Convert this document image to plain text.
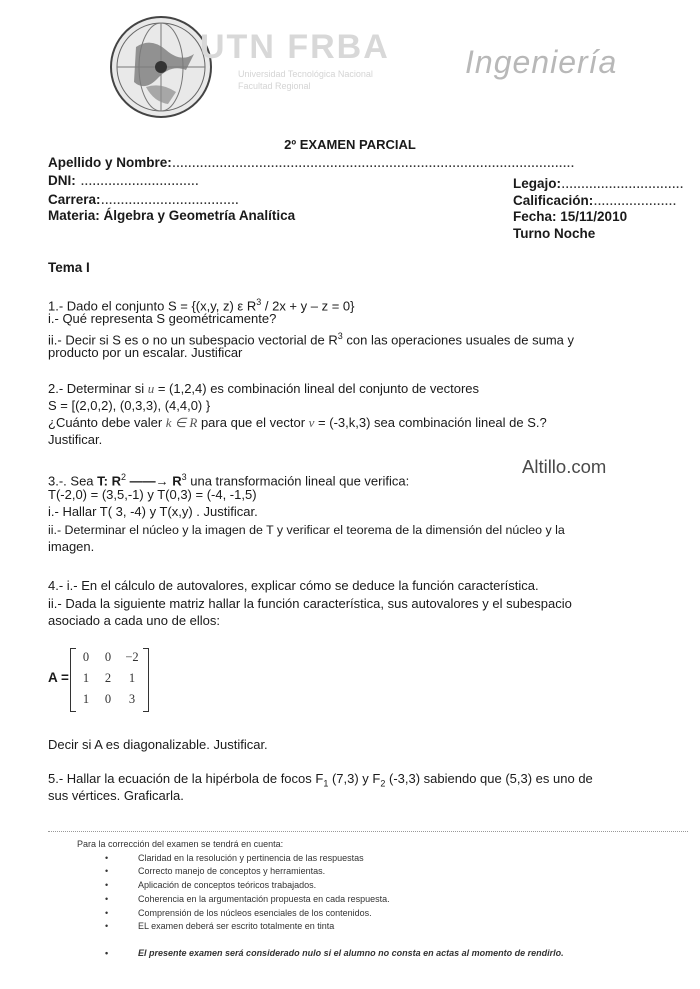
UTN FRBA
Universidad Tecnológica Nacional
Facultad Regional
Ingeniería
2º EXAMEN PARCIAL
Apellido y Nombre:......................................................................................................
DNI: ..............................
Carrera:...................................
Materia: Álgebra y Geometría Analítica
Legajo:...............................
Calificación:.....................
Fecha: 15/11/2010
Turno Noche
Tema I
1.- Dado el conjunto S = {(x,y, z) ε $R^3 / 2x + y - z = 0$}
i.- Qué representa S geométricamente?
ii.- Decir si S es o no un subespacio vectorial de $R^3$ con las operaciones usuales de suma y
producto por un escalar. Justificar
2.- Determinar si u = (1,2,4) es combinación lineal del conjunto de vectores
S = [(2,0,2), (0,3,3), (4,4,0) }
¿Cuánto debe valer k ∈ R para que el vector v = (-3,k,3) sea combinación lineal de S.?
Justificar.
Altillo.com
3.-. Sea T: $R^2$ ——→ $R^3$ una transformación lineal que verifica:
T(-2,0) = (3,5,-1) y T(0,3) = (-4, -1,5)
i.- Hallar T( 3, -4) y T(x,y) . Justificar.
ii.- Determinar el núcleo y la imagen de T y verificar el teorema de la dimensión del núcleo y la
imagen.
4.- i.- En el cálculo de autovalores, explicar cómo se deduce la función característica.
ii.- Dada la siguiente matriz hallar la función característica, sus autovalores y el subespacio
asociado a cada uno de ellos:
A =
0	0	−2
1	2	1
1	0	3
Decir si A es diagonalizable. Justificar.
5.- Hallar la ecuación de la hipérbola de focos $F_1$ (7,3) y $F_2$ (-3,3) sabiendo que (5,3) es uno de
sus vértices. Graficarla.
Para la corrección del examen se tendrá en cuenta:
•	Claridad en la resolución y pertinencia de las respuestas
•	Correcto manejo de conceptos y herramientas.
•	Aplicación de conceptos teóricos trabajados.
•	Coherencia en la argumentación propuesta en cada respuesta.
•	Comprensión de los núcleos esenciales de los contenidos.
•	EL examen deberá ser escrito totalmente en tinta
•	El presente examen será considerado nulo si el alumno no consta en actas al momento de rendirlo.
